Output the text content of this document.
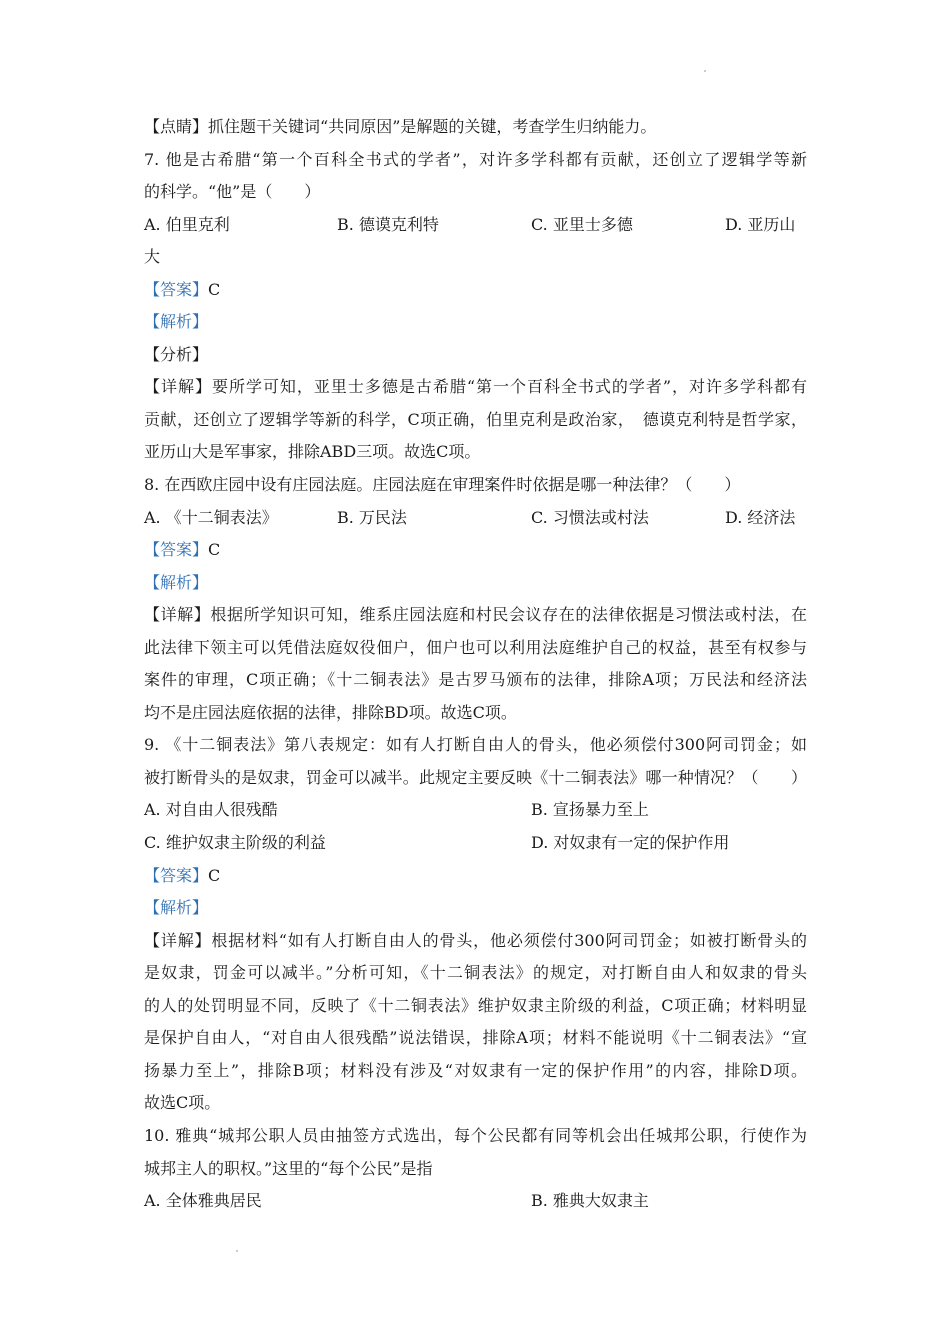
【点睛】抓住题干关键词“共同原因”是解题的关键，考查学生归纳能力。
7. 他是古希腊“第一个百科全书式的学者”，对许多学科都有贡献，还创立了逻辑学等新
的科学。“他”是（　　）
A. 伯里克利	B. 德谟克利特	C. 亚里士多德	D. 亚历山
大
【答案】C
【解析】
【分析】
【详解】要所学可知，亚里士多德是古希腊“第一个百科全书式的学者”，对许多学科都有
贡献，还创立了逻辑学等新的科学，C项正确，伯里克利是政治家，　德谟克利特是哲学家，
亚历山大是军事家，排除ABD三项。故选C项。
8. 在西欧庄园中设有庄园法庭。庄园法庭在审理案件时依据是哪一种法律？（　　）
A. 《十二铜表法》	B. 万民法	C. 习惯法或村法	D. 经济法
【答案】C
【解析】
【详解】根据所学知识可知，维系庄园法庭和村民会议存在的法律依据是习惯法或村法，在
此法律下领主可以凭借法庭奴役佃户，佃户也可以利用法庭维护自己的权益，甚至有权参与
案件的审理，C项正确；《十二铜表法》是古罗马颁布的法律，排除A项；万民法和经济法
均不是庄园法庭依据的法律，排除BD项。故选C项。
9. 《十二铜表法》第八表规定：如有人打断自由人的骨头，他必须偿付300阿司罚金；如
被打断骨头的是奴隶，罚金可以减半。此规定主要反映《十二铜表法》哪一种情况？（　　）
A. 对自由人很残酷	B. 宣扬暴力至上
C. 维护奴隶主阶级的利益	D. 对奴隶有一定的保护作用
【答案】C
【解析】
【详解】根据材料“如有人打断自由人的骨头，他必须偿付300阿司罚金；如被打断骨头的
是奴隶，罚金可以减半。”分析可知，《十二铜表法》的规定，对打断自由人和奴隶的骨头
的人的处罚明显不同，反映了《十二铜表法》维护奴隶主阶级的利益，C项正确；材料明显
是保护自由人，“对自由人很残酷”说法错误，排除A项；材料不能说明《十二铜表法》“宣
扬暴力至上”，排除B项；材料没有涉及“对奴隶有一定的保护作用”的内容，排除D项。
故选C项。
10. 雅典“城邦公职人员由抽签方式选出，每个公民都有同等机会出任城邦公职，行使作为
城邦主人的职权。”这里的“每个公民”是指
A. 全体雅典居民	B. 雅典大奴隶主
